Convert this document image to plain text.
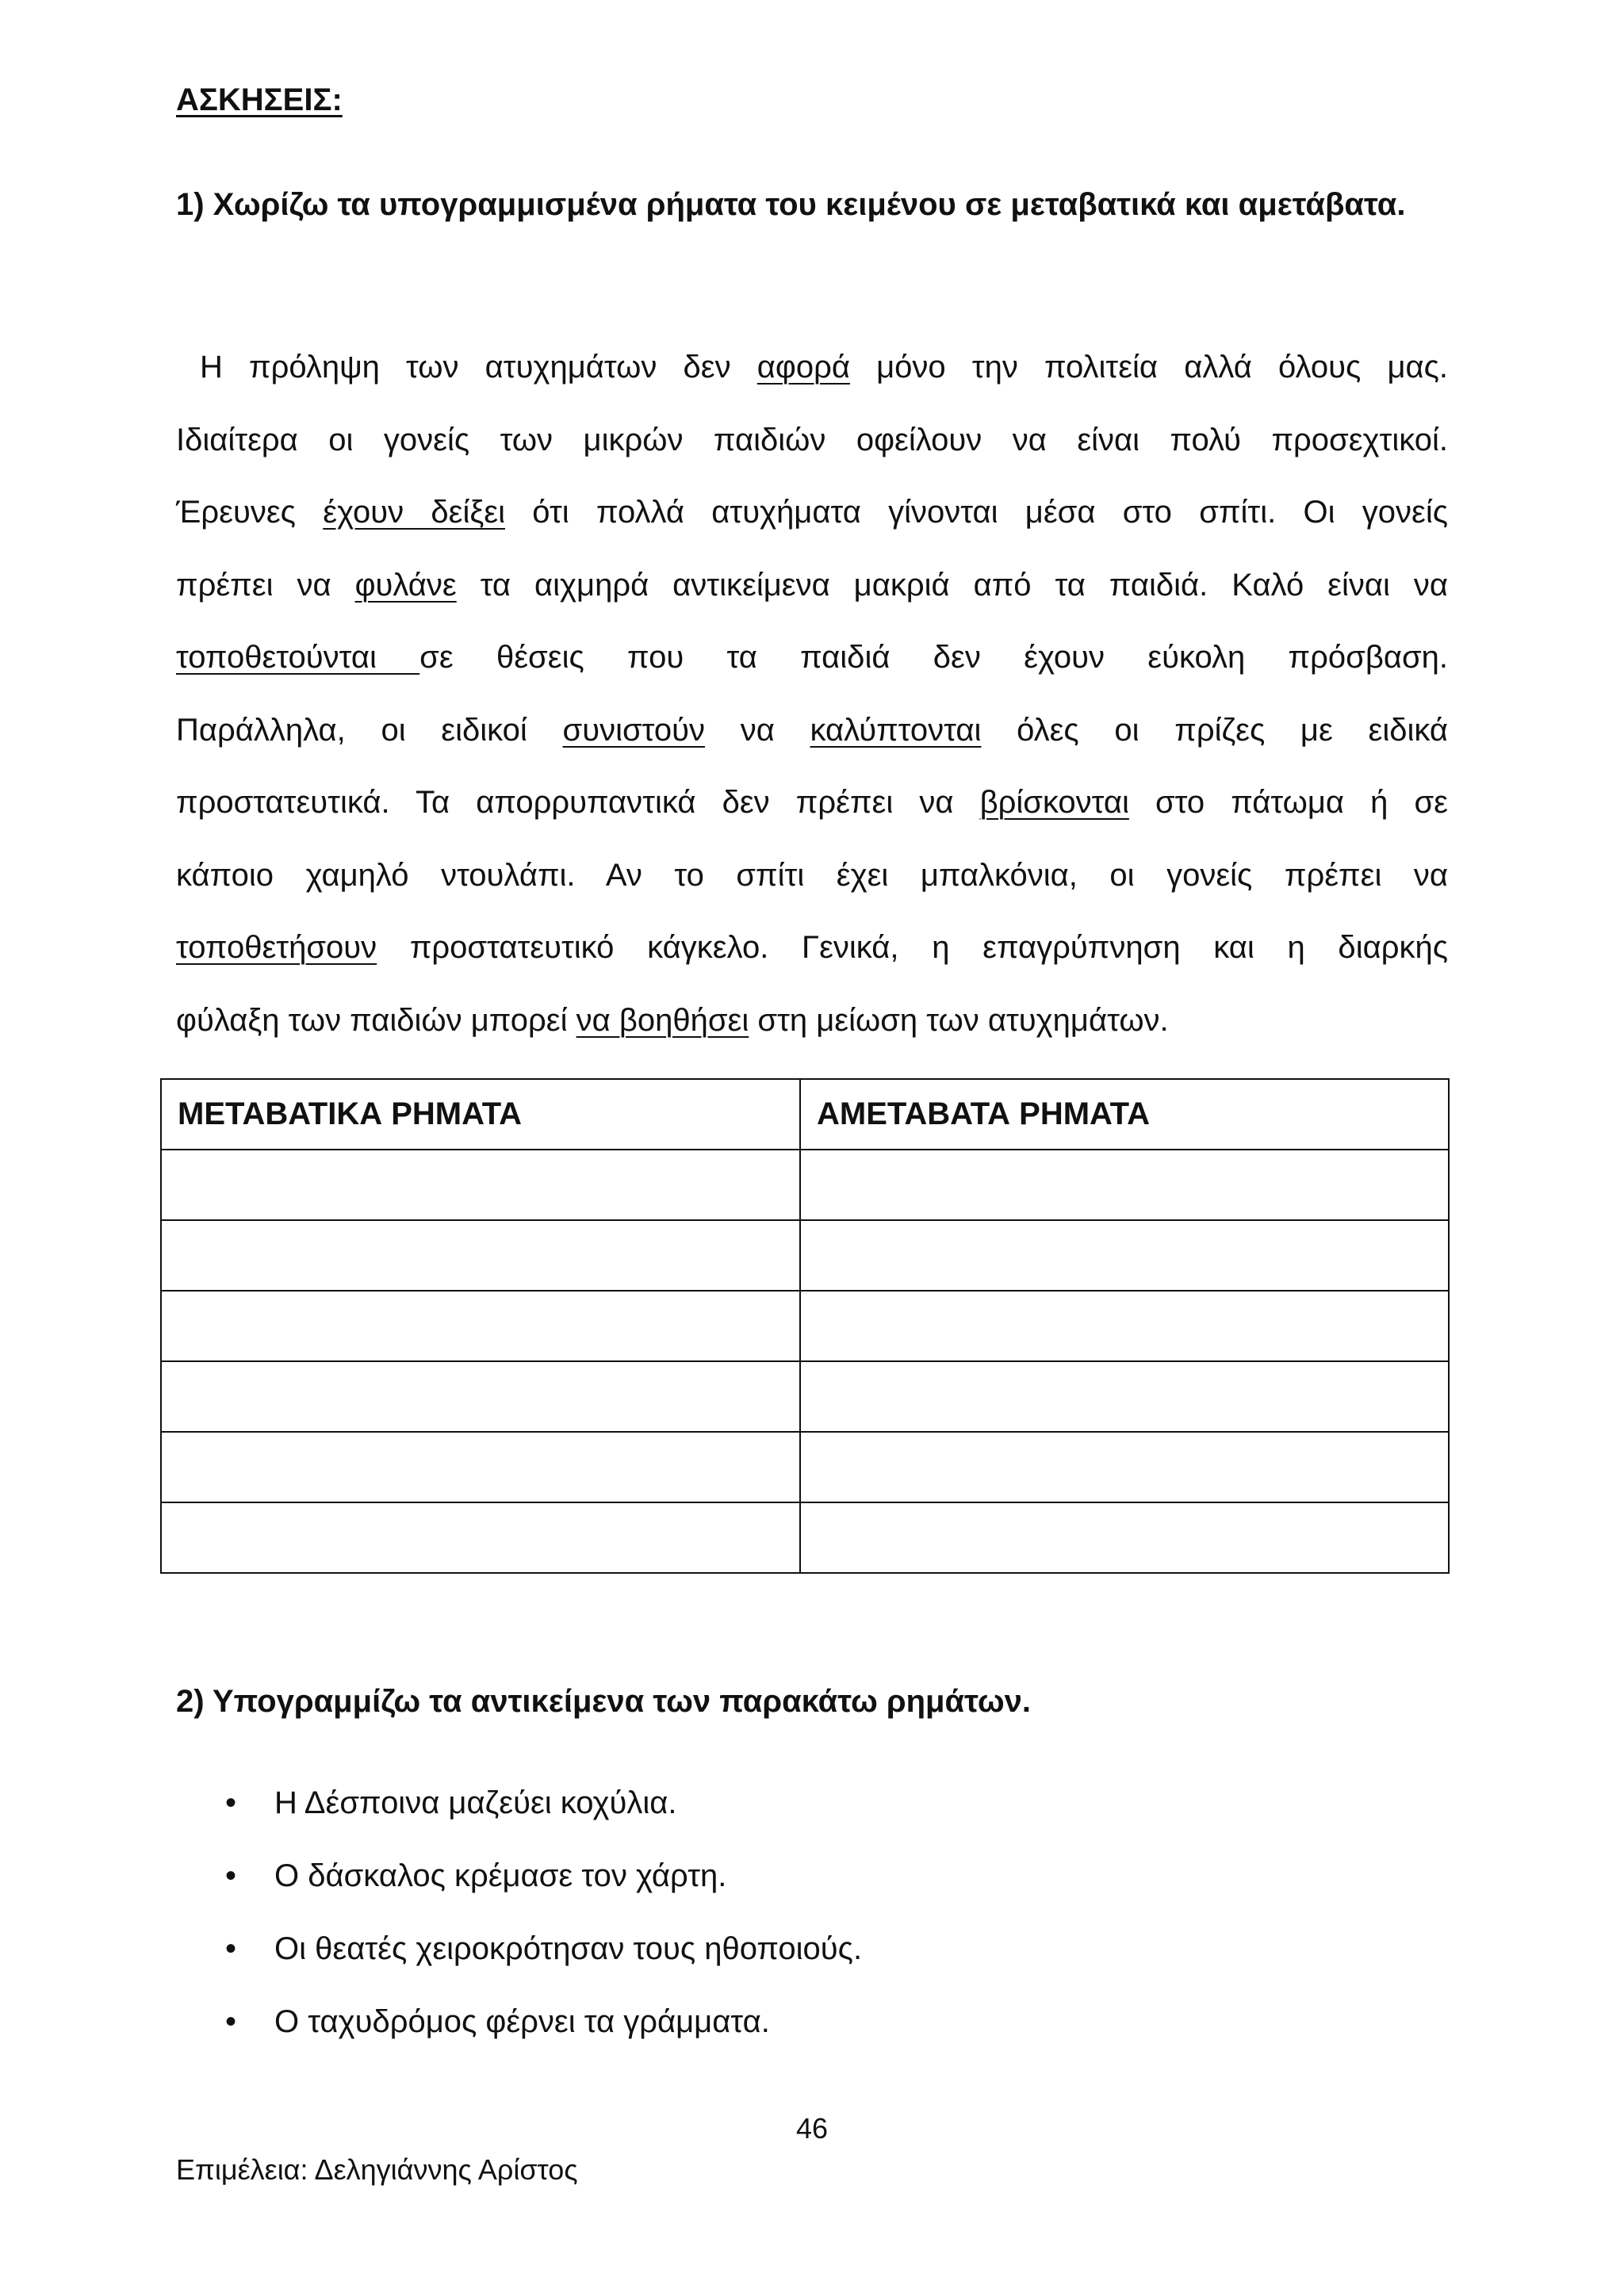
ΑΣΚΗΣΕΙΣ:
1) Χωρίζω τα υπογραμμισμένα ρήματα του κειμένου σε μεταβατικά και αμετάβατα.
Η πρόληψη των ατυχημάτων δεν αφορά μόνο την πολιτεία αλλά όλους μας.
Ιδιαίτερα οι γονείς των μικρών παιδιών οφείλουν να είναι πολύ προσεχτικοί.
Έρευνες έχουν δείξει ότι πολλά ατυχήματα γίνονται μέσα στο σπίτι. Οι γονείς
πρέπει να φυλάνε τα αιχμηρά αντικείμενα μακριά από τα παιδιά. Καλό είναι να
τοποθετούνται σε θέσεις που τα παιδιά δεν έχουν εύκολη πρόσβαση.
Παράλληλα, οι ειδικοί συνιστούν να καλύπτονται όλες οι πρίζες με ειδικά
προστατευτικά. Τα απορρυπαντικά δεν πρέπει να βρίσκονται στο πάτωμα ή σε
κάποιο χαμηλό ντουλάπι. Αν το σπίτι έχει μπαλκόνια, οι γονείς πρέπει να
τοποθετήσουν προστατευτικό κάγκελο. Γενικά, η επαγρύπνηση και η διαρκής
φύλαξη των παιδιών μπορεί να βοηθήσει στη μείωση των ατυχημάτων.
ΜΕΤΑΒΑΤΙΚΑ ΡΗΜΑΤΑ	ΑΜΕΤΑΒΑΤΑ ΡΗΜΑΤΑ

2) Υπογραμμίζω τα αντικείμενα των παρακάτω ρημάτων.
• Η Δέσποινα μαζεύει κοχύλια.
• Ο δάσκαλος κρέμασε τον χάρτη.
• Οι θεατές χειροκρότησαν τους ηθοποιούς.
• Ο ταχυδρόμος φέρνει τα γράμματα.
46
Επιμέλεια: Δεληγιάννης Αρίστος
